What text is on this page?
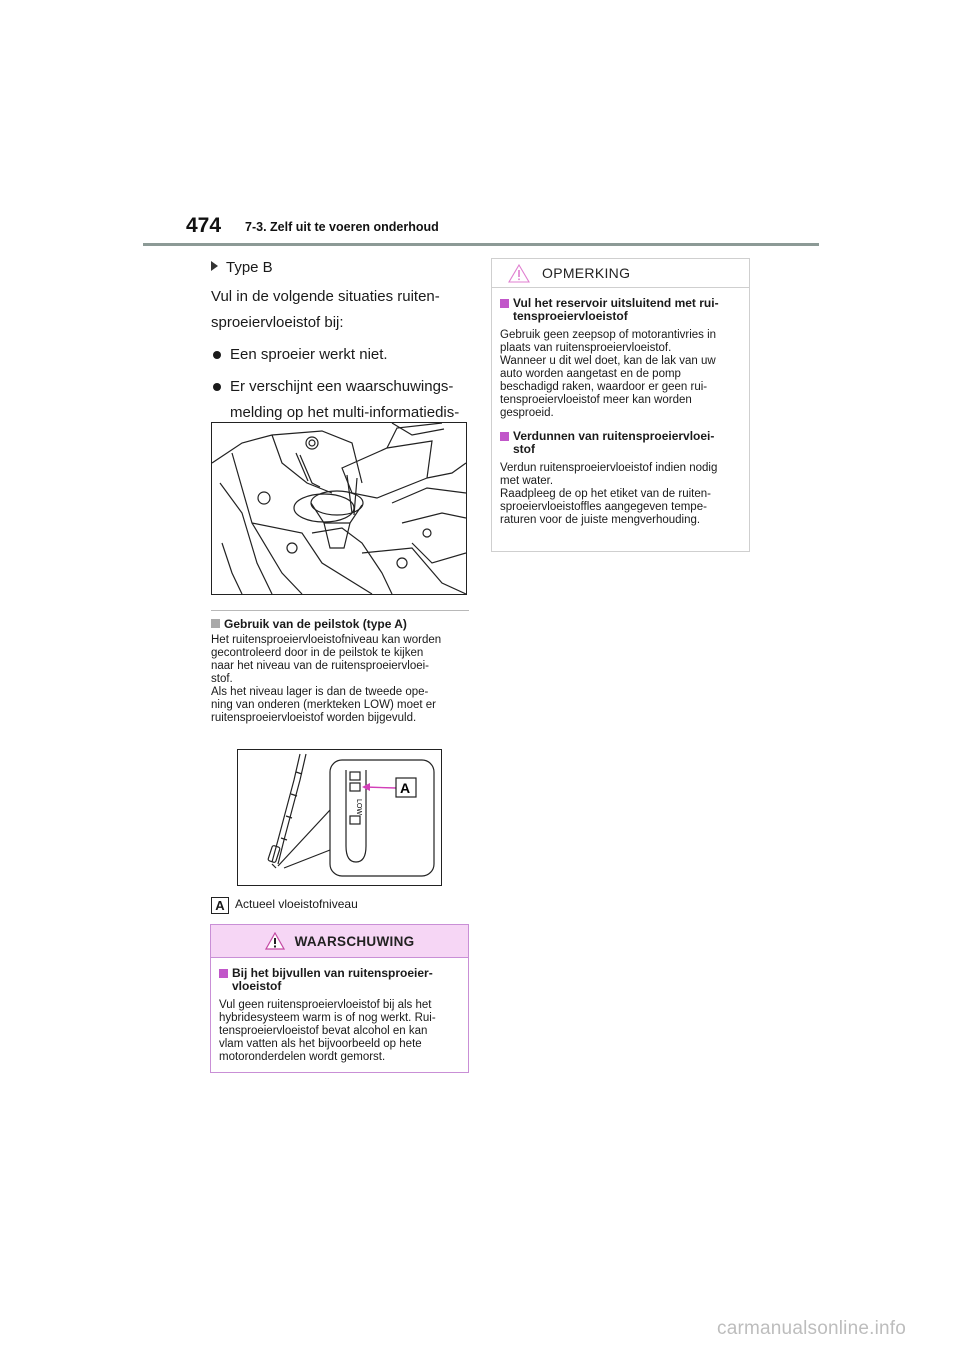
474 7-3. Zelf uit te voeren onderhoud
Type B
Vul in de volgende situaties ruiten-
sproeiervloeistof bij:
Een sproeier werkt niet.
Er verschijnt een waarschuwings-
melding op het multi-informatiedis-

Gebruik van de peilstok (type A)
Het ruitensproeiervloeistofniveau kan worden
gecontroleerd door in de peilstok te kijken
naar het niveau van de ruitensproeiervloei-
stof.
Als het niveau lager is dan de tweede ope-
ning van onderen (merkteken LOW) moet er
ruitensproeiervloeistof worden bijgevuld.
LOW
A
A Actueel vloeistofniveau
WAARSCHUWING
Bij het bijvullen van ruitensproeier-
vloeistof
Vul geen ruitensproeiervloeistof bij als het
hybridesysteem warm is of nog werkt. Rui-
tensproeiervloeistof bevat alcohol en kan
vlam vatten als het bijvoorbeeld op hete
motoronderdelen wordt gemorst.
OPMERKING
Vul het reservoir uitsluitend met rui-
tensproeiervloeistof
Gebruik geen zeepsop of motorantivries in
plaats van ruitensproeiervloeistof.
Wanneer u dit wel doet, kan de lak van uw
auto worden aangetast en de pomp
beschadigd raken, waardoor er geen rui-
tensproeiervloeistof meer kan worden
gesproeid.
Verdunnen van ruitensproeiervloei-
stof
Verdun ruitensproeiervloeistof indien nodig
met water.
Raadpleeg de op het etiket van de ruiten-
sproeiervloeistoffles aangegeven tempe-
raturen voor de juiste mengverhouding.
carmanualsonline.info
